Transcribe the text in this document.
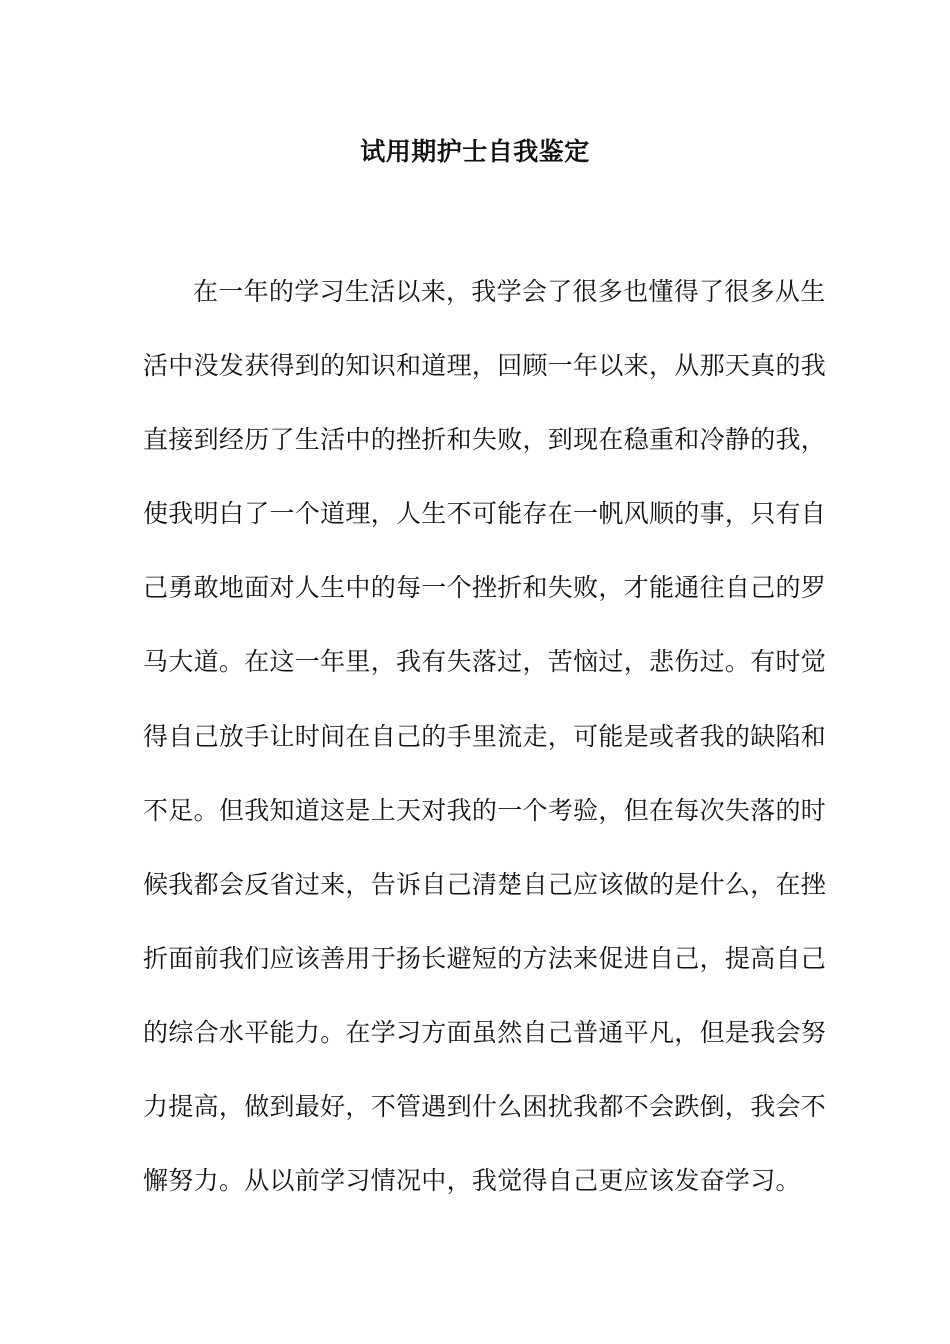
试用期护士自我鉴定
在一年的学习生活以来，我学会了很多也懂得了很多从生
活中没发获得到的知识和道理，回顾一年以来，从那天真的我
直接到经历了生活中的挫折和失败，到现在稳重和冷静的我，
使我明白了一个道理，人生不可能存在一帆风顺的事，只有自
己勇敢地面对人生中的每一个挫折和失败，才能通往自己的罗
马大道。在这一年里，我有失落过，苦恼过，悲伤过。有时觉
得自己放手让时间在自己的手里流走，可能是或者我的缺陷和
不足。但我知道这是上天对我的一个考验，但在每次失落的时
候我都会反省过来，告诉自己清楚自己应该做的是什么，在挫
折面前我们应该善用于扬长避短的方法来促进自己，提高自己
的综合水平能力。在学习方面虽然自己普通平凡，但是我会努
力提高，做到最好，不管遇到什么困扰我都不会跌倒，我会不
懈努力。从以前学习情况中，我觉得自己更应该发奋学习。
